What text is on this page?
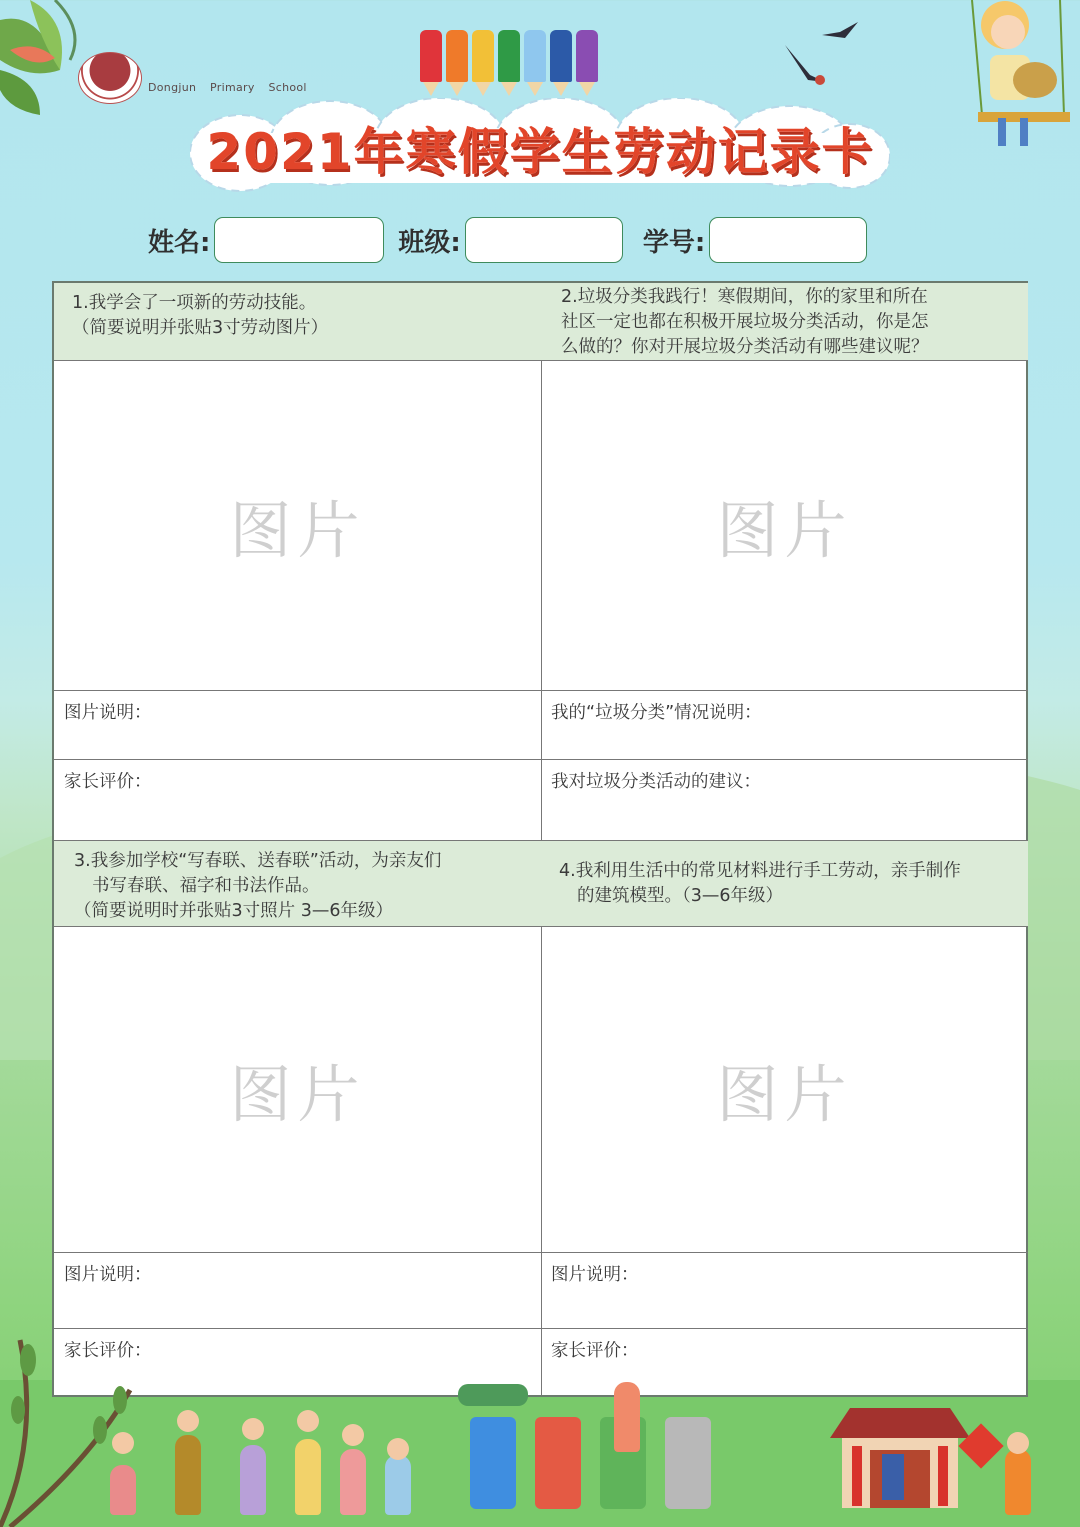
Dongjun Primary School
2021年寒假学生劳动记录卡
姓名:	班级:	学号:
1.我学会了一项新的劳动技能。
（简要说明并张贴3寸劳动图片）
图片
图片说明：
家长评价：
3.我参加学校“写春联、送春联”活动，为亲友们
书写春联、福字和书法作品。
（简要说明时并张贴3寸照片 3—6年级）
图片
图片说明：
家长评价：
2.垃圾分类我践行！寒假期间，你的家里和所在
社区一定也都在积极开展垃圾分类活动，你是怎
么做的？你对开展垃圾分类活动有哪些建议呢？
图片
我的“垃圾分类”情况说明：
我对垃圾分类活动的建议：
4.我利用生活中的常见材料进行手工劳动，亲手制作
的建筑模型。（3—6年级）
图片
图片说明：
家长评价：
